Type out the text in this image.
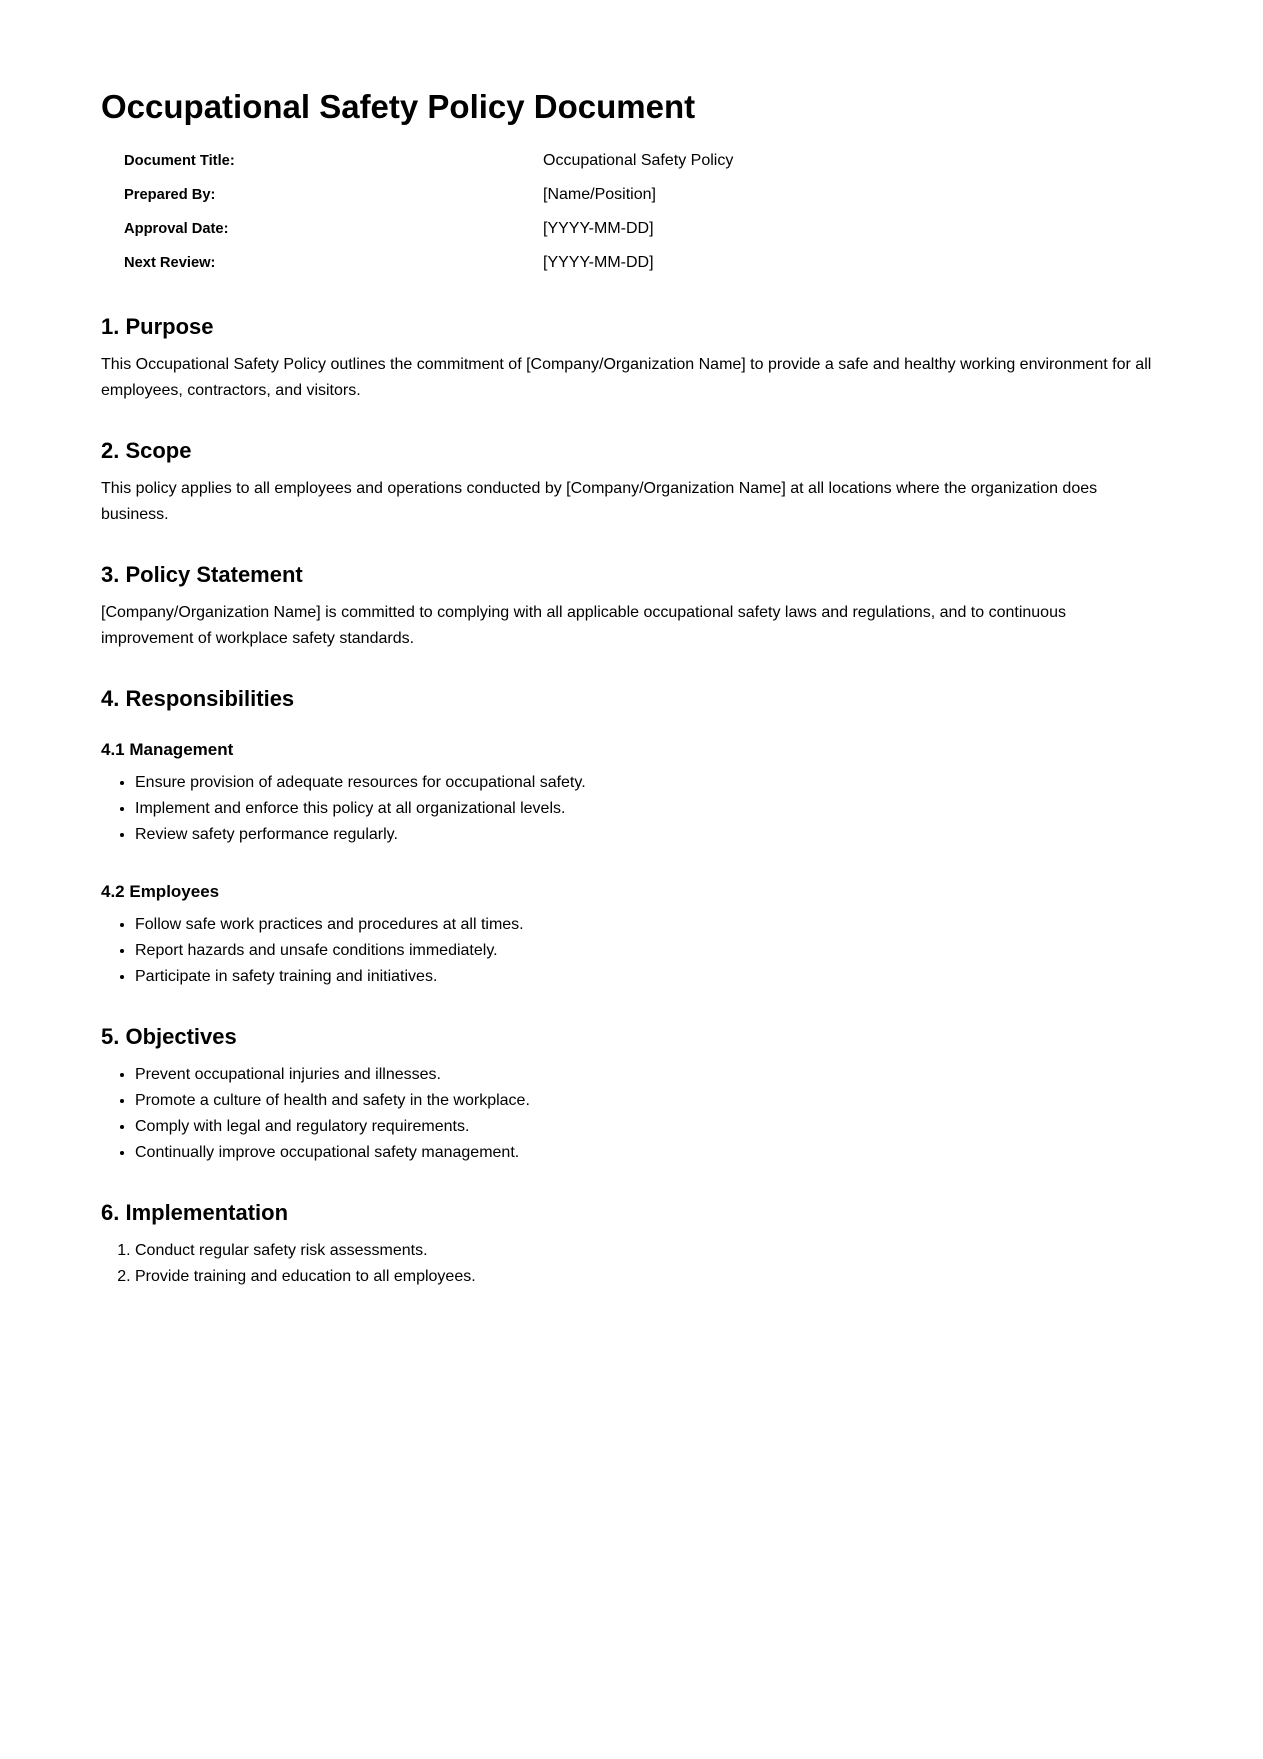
Occupational Safety Policy Document
Document Title:	Occupational Safety Policy
Prepared By:	[Name/Position]
Approval Date:	[YYYY-MM-DD]
Next Review:	[YYYY-MM-DD]
1. Purpose

This Occupational Safety Policy outlines the commitment of [Company/Organization Name] to provide a safe and healthy working environment for all employees, contractors, and visitors.

2. Scope

This policy applies to all employees and operations conducted by [Company/Organization Name] at all locations where the organization does business.

3. Policy Statement

[Company/Organization Name] is committed to complying with all applicable occupational safety laws and regulations, and to continuous improvement of workplace safety standards.

4. Responsibilities
4.1 Management
• Ensure provision of adequate resources for occupational safety.
• Implement and enforce this policy at all organizational levels.
• Review safety performance regularly.
4.2 Employees
• Follow safe work practices and procedures at all times.
• Report hazards and unsafe conditions immediately.
• Participate in safety training and initiatives.
5. Objectives
• Prevent occupational injuries and illnesses.
• Promote a culture of health and safety in the workplace.
• Comply with legal and regulatory requirements.
• Continually improve occupational safety management.
6. Implementation
1. Conduct regular safety risk assessments.
2. Provide training and education to all employees.
